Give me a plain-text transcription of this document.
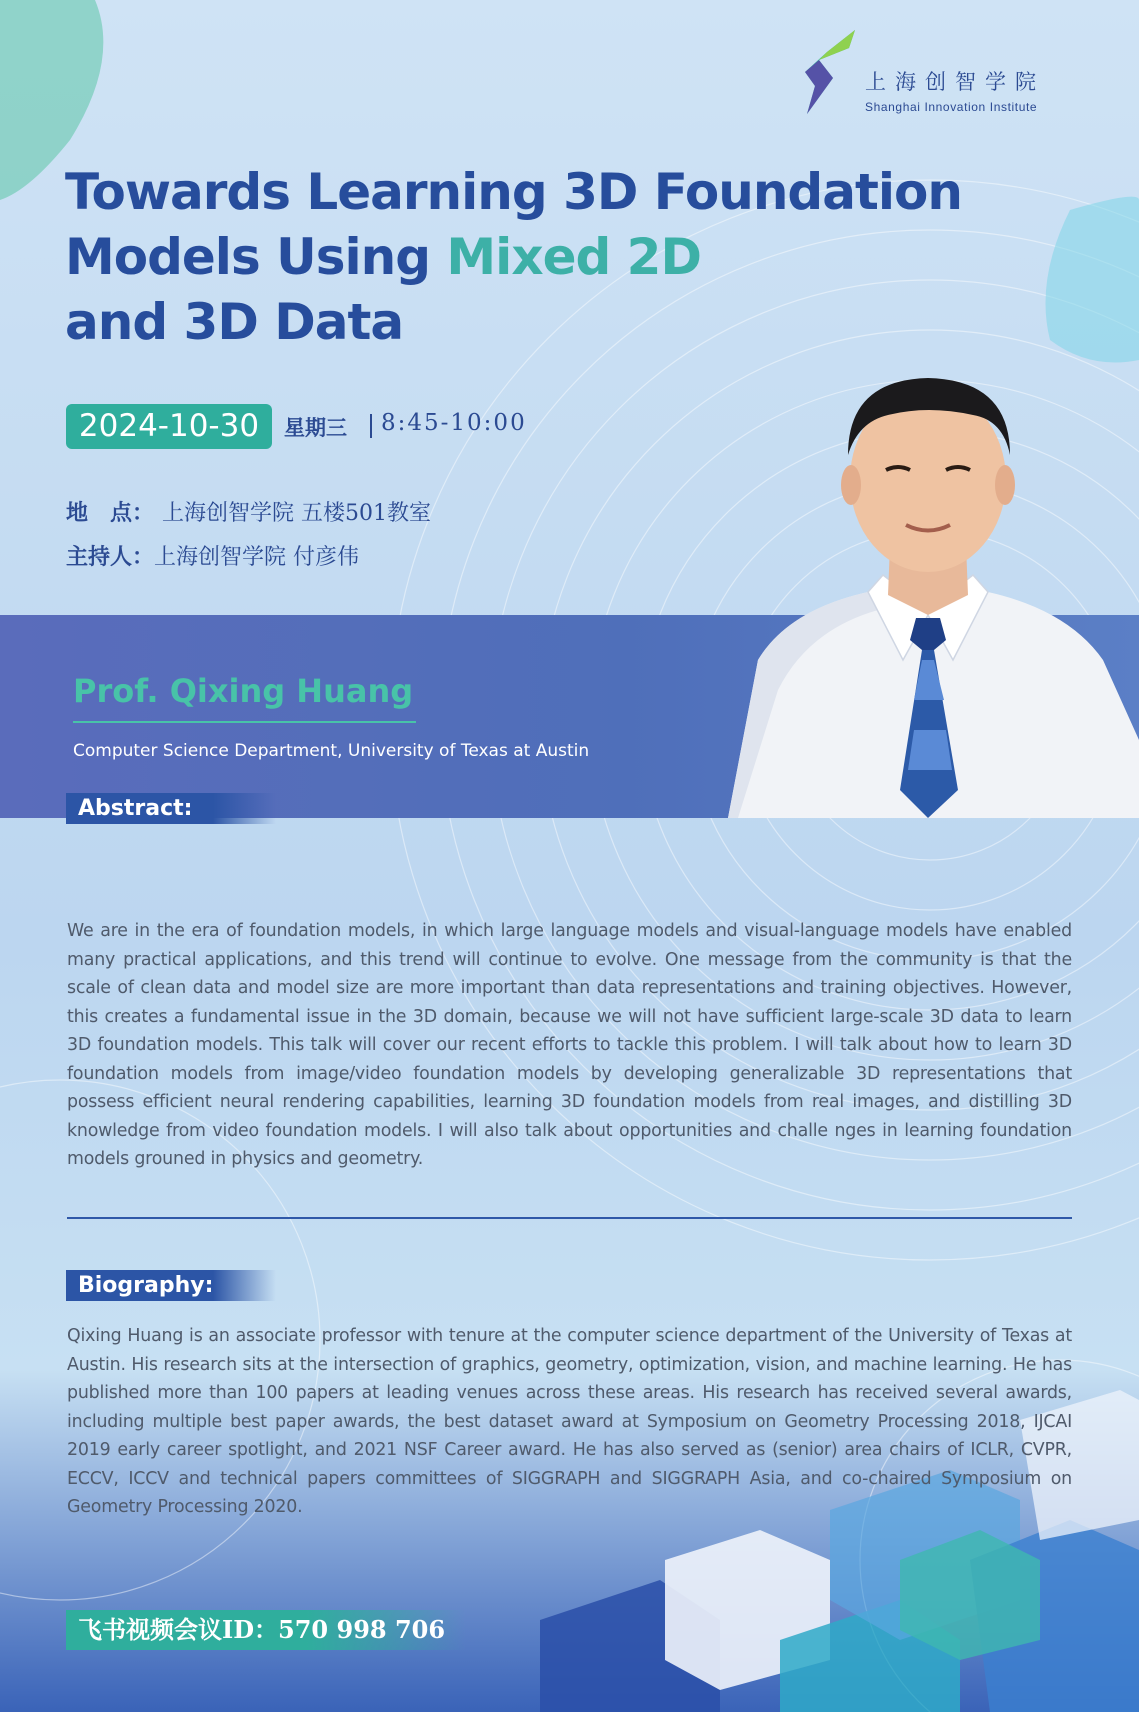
上海创智学院
Shanghai Innovation Institute
Towards Learning 3D Foundation
Models Using Mixed 2D
and 3D Data
2024-10-30	星期三 8:45-10:00
地　点： 上海创智学院 五楼501教室
主持人：上海创智学院 付彦伟
Prof. Qixing Huang
Computer Science Department, University of Texas at Austin
Abstract:

We are in the era of foundation models, in which large language models and visual-language models have enabled many practical applications, and this trend will continue to evolve. One message from the community is that the scale of clean data and model size are more important than data representations and training objectives. However, this creates a fundamental issue in the 3D domain, because we will not have sufficient large-scale 3D data to learn 3D foundation models. This talk will cover our recent efforts to tackle this problem. I will talk about how to learn 3D foundation models from image/video foundation models by developing generalizable 3D representations that possess efficient neural rendering capabilities, learning 3D foundation models from real images, and distilling 3D knowledge from video foundation models. I will also talk about opportunities and challe nges in learning foundation models grouned in physics and geometry.

Biography:

Qixing Huang is an associate professor with tenure at the computer science department of the University of Texas at Austin. His research sits at the intersection of graphics, geometry, optimization, vision, and machine learning. He has published more than 100 papers at leading venues across these areas. His research has received several awards, including multiple best paper awards, the best dataset award at Symposium on Geometry Processing 2018, IJCAI 2019 early career spotlight, and 2021 NSF Career award. He has also served as (senior) area chairs of ICLR, CVPR, ECCV, ICCV and technical papers committees of SIGGRAPH and SIGGRAPH Asia, and co-chaired Symposium on Geometry Processing 2020.

飞书视频会议ID：570 998 706
